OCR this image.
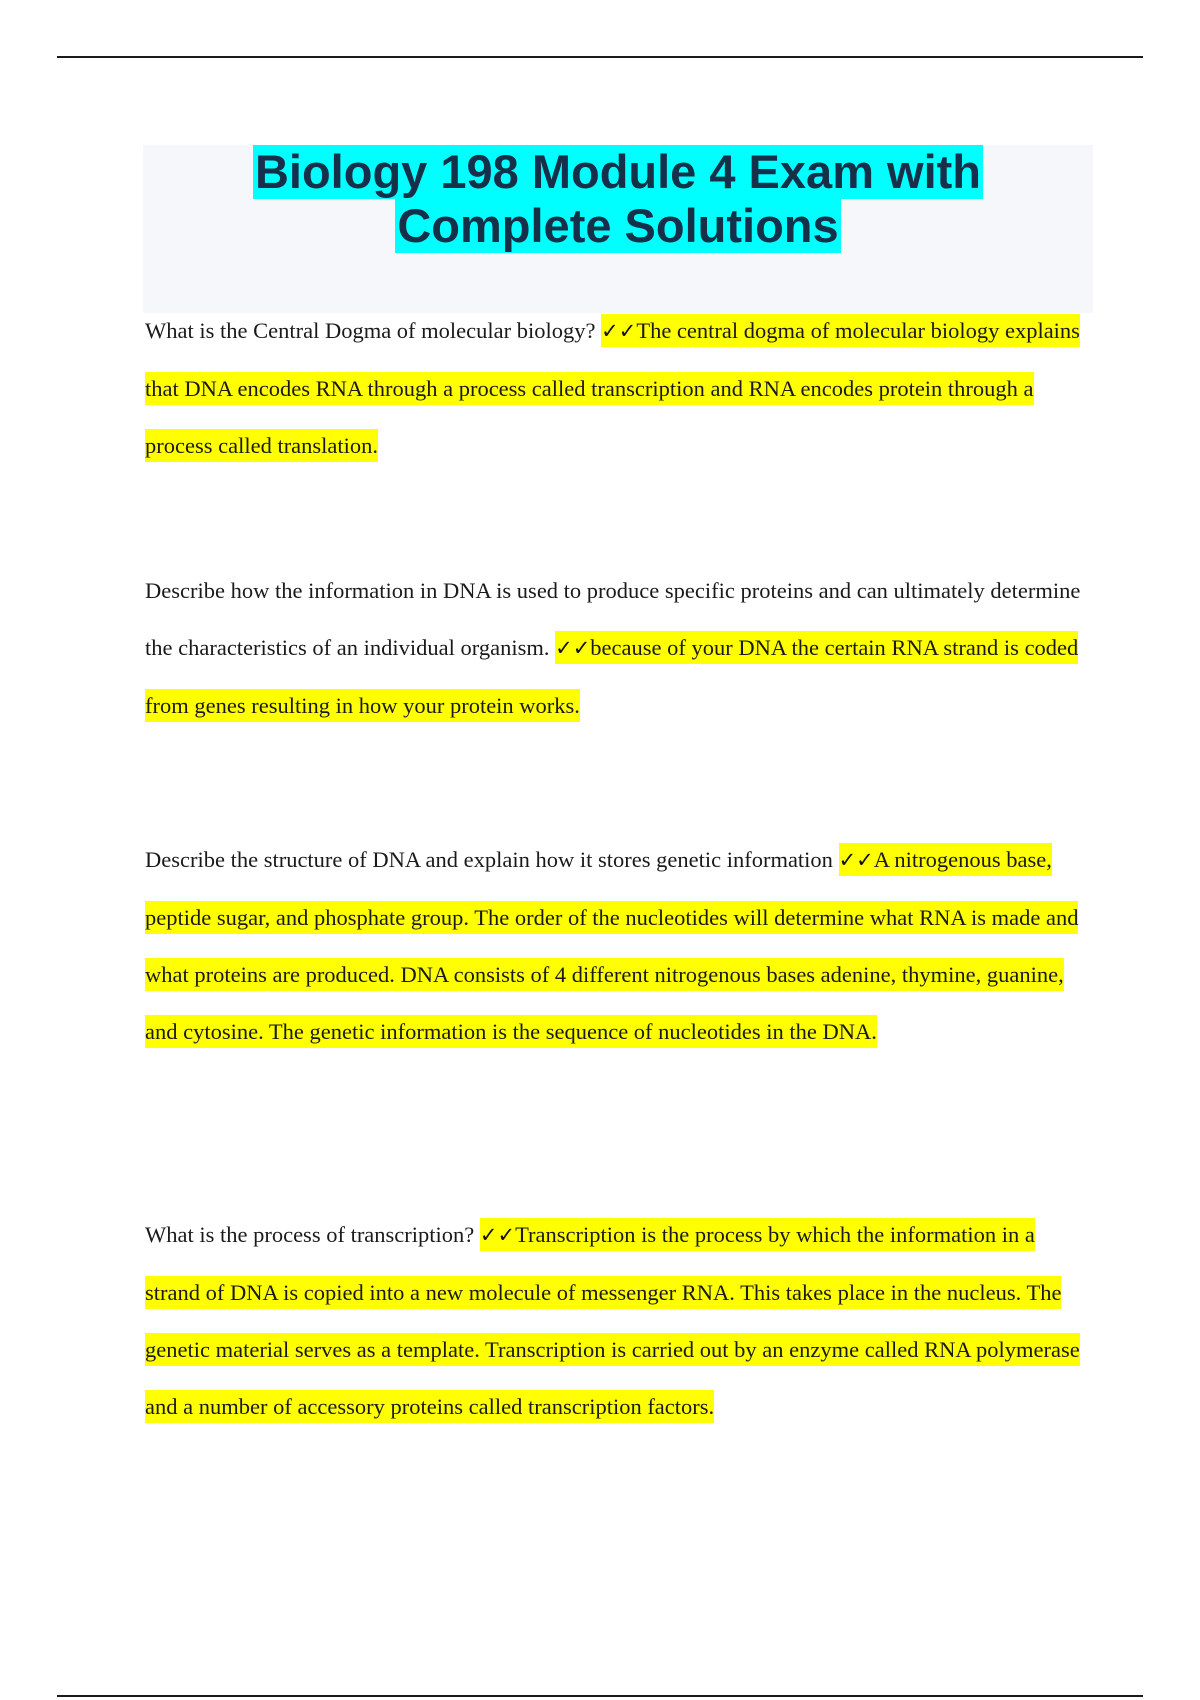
Biology 198 Module 4 Exam with
Complete Solutions
What is the Central Dogma of molecular biology? ✓✓The central dogma of molecular biology explains that DNA encodes RNA through a process called transcription and RNA encodes protein through a process called translation.
Describe how the information in DNA is used to produce specific proteins and can ultimately determine the characteristics of an individual organism. ✓✓because of your DNA the certain RNA strand is coded from genes resulting in how your protein works.
Describe the structure of DNA and explain how it stores genetic information ✓✓A nitrogenous base, peptide sugar, and phosphate group. The order of the nucleotides will determine what RNA is made and what proteins are produced. DNA consists of 4 different nitrogenous bases adenine, thymine, guanine, and cytosine. The genetic information is the sequence of nucleotides in the DNA.
What is the process of transcription? ✓✓Transcription is the process by which the information in a strand of DNA is copied into a new molecule of messenger RNA. This takes place in the nucleus. The genetic material serves as a template. Transcription is carried out by an enzyme called RNA polymerase and a number of accessory proteins called transcription factors.
